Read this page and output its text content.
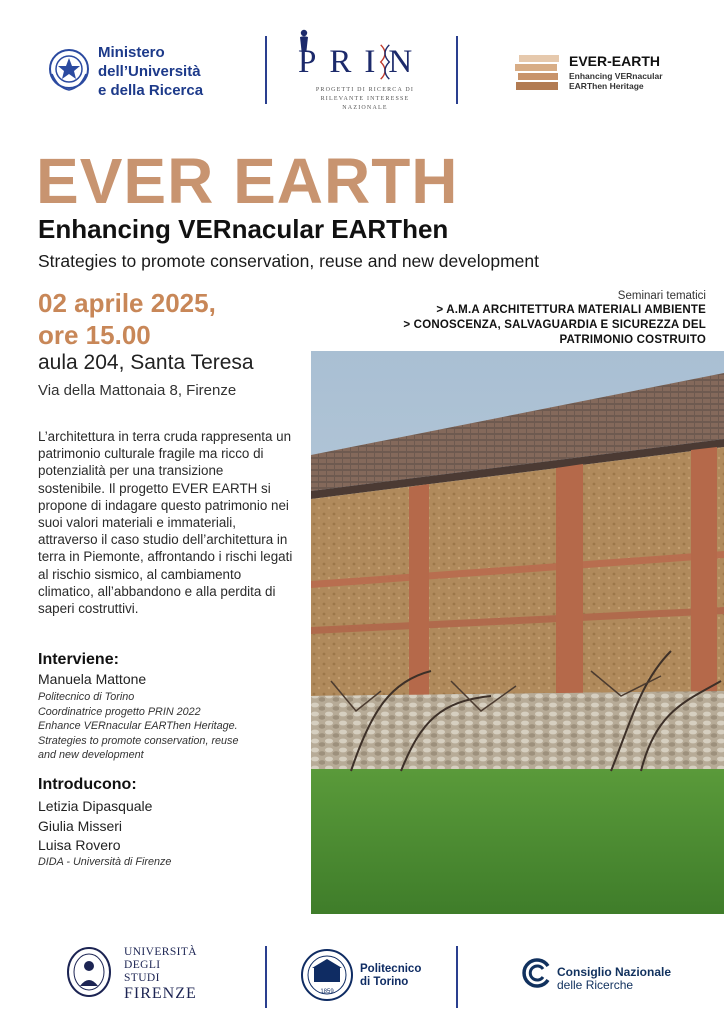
Ministero
dell’Università
e della Ricerca
PRIN
PROGETTI DI RICERCA DI
RILEVANTE INTERESSE
NAZIONALE
EVER-EARTH
Enhancing VERnacular
EARThen Heritage
EVER EARTH
Enhancing VERnacular EARThen
Strategies to promote conservation, reuse and new development
02 aprile 2025,
ore 15.00
aula 204, Santa Teresa
Via della Mattonaia 8, Firenze
Seminari tematici
> A.M.A ARCHITETTURA MATERIALI AMBIENTE
> CONOSCENZA, SALVAGUARDIA E SICUREZZA DEL
PATRIMONIO COSTRUITO
L’architettura in terra cruda rappresenta un patrimonio culturale fragile ma ricco di potenzialità per una transizione sostenibile. Il progetto EVER EARTH si propone di indagare questo patrimonio nei suoi valori materiali e immateriali, attraverso il caso studio dell’architettura in terra in Piemonte, affrontando i rischi legati al rischio sismico, al cambiamento climatico, all’abbandono e alla perdita di saperi costruttivi.
Interviene:
Manuela Mattone
Politecnico di Torino
Coordinatrice progetto PRIN 2022
Enhance VERnacular EARThen Heritage.
Strategies to promote conservation, reuse
and new development
Introducono:
Letizia Dipasquale
Giulia Misseri
Luisa Rovero
DIDA - Università di Firenze
UNIVERSITÀ
DEGLI STUDI
FIRENZE	1859
Politecnico
di Torino
Consiglio Nazionale
delle Ricerche
